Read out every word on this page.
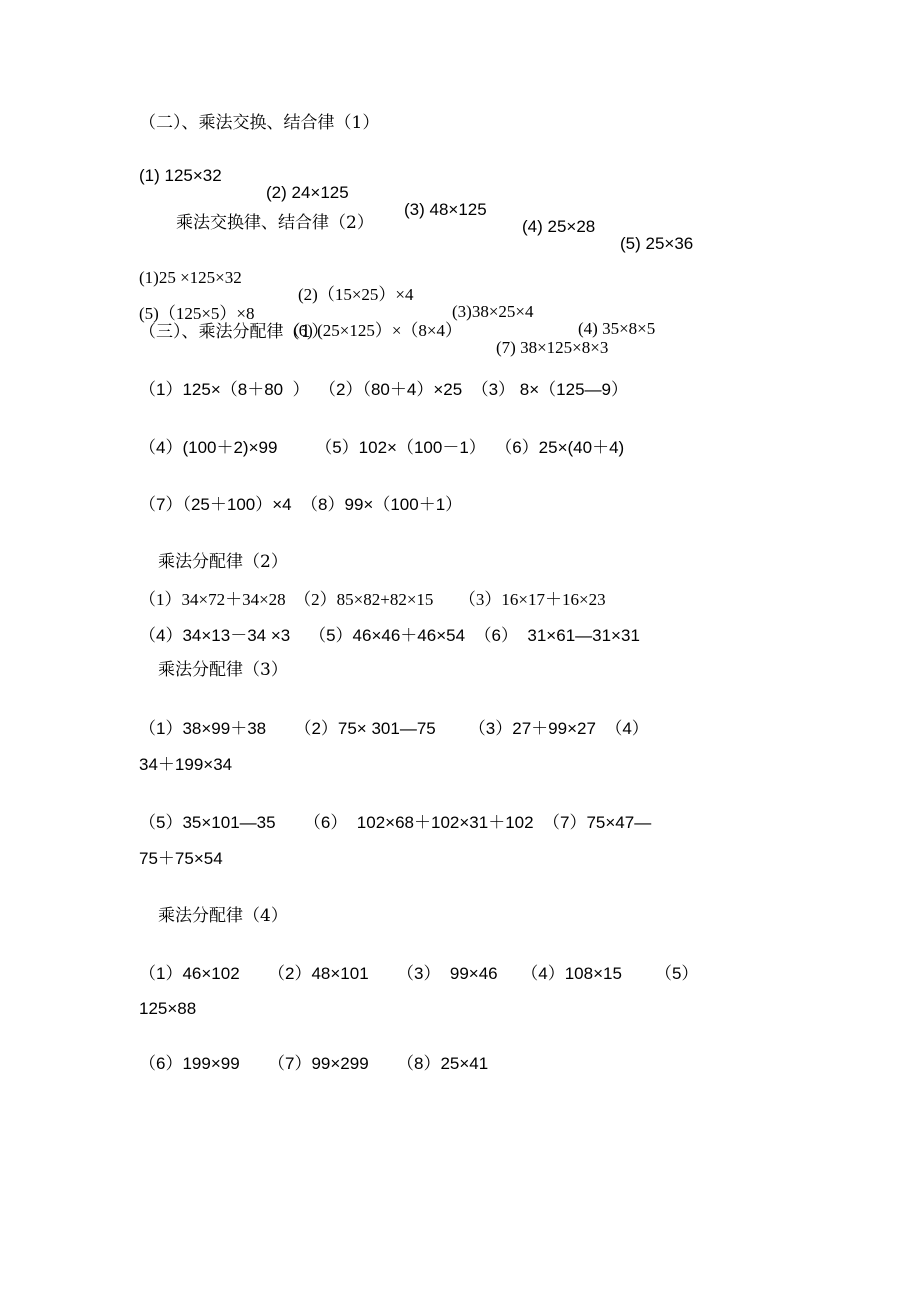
（二）、乘法交换、结合律（1）

(1) 125×32

(2) 24×125

(3) 48×125

(4) 25×28

(5) 25×36

乘法交换律、结合律（2）

(1)25 ×125×32

(2)（15×25）×4

(3)38×25×4

(4) 35×8×5

(5)（125×5）×8

(6) (25×125）×（8×4）

(7) 38×125×8×3

（三）、乘法分配律（1）
（1）125×（8＋80  ）  （2）（80＋4）×25  （3） 8×（125—9）
（4）(100＋2)×99        （5）102×（100－1）  （6）25×(40＋4)
（7）（25＋100）×4  （8）99×（100＋1）
乘法分配律（2）
（1）34×72＋34×28  （2）85×82+82×15      （3）16×17＋16×23
（4）34×13－34 ×3    （5）46×46＋46×54  （6）  31×61—31×31
乘法分配律（3）
（1）38×99＋38      （2）75× 301—75       （3）27＋99×27  （4）
34＋199×34
（5）35×101—35      （6）  102×68＋102×31＋102  （7）75×47—
75＋75×54
乘法分配律（4）
（1）46×102      （2）48×101      （3）  99×46     （4）108×15       （5）
125×88
（6）199×99      （7）99×299      （8）25×41
